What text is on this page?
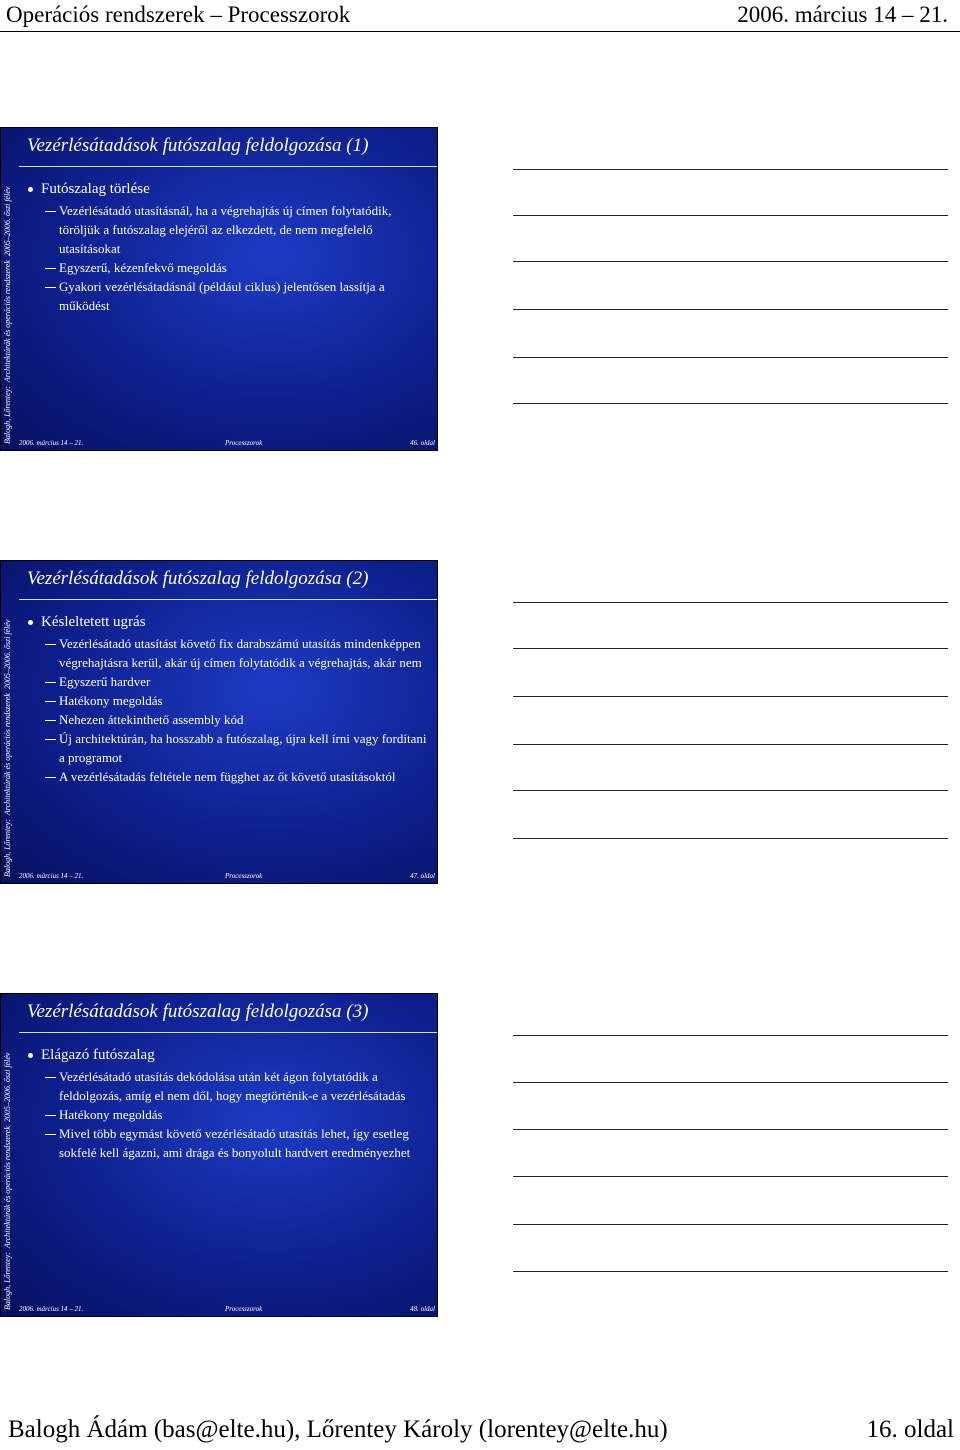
Operációs rendszerek – Processzorok	2006. március 14 – 21.
Balogh, Lőrentey:Architektúrák és operációs rendszerek2005–2006. őszi félév
Vezérlésátadások futószalag feldolgozása (1)
Futószalag törlése
Vezérlésátadó utasításnál, ha a végrehajtás új címen folytatódik, töröljük a futószalag elejéről az elkezdett, de nem megfelelő utasításokat
Egyszerű, kézenfekvő megoldás
Gyakori vezérlésátadásnál (például ciklus) jelentősen lassítja a működést
2006. március 14 – 21.	Processzorok	46. oldal
Balogh, Lőrentey:Architektúrák és operációs rendszerek2005–2006. őszi félév
Vezérlésátadások futószalag feldolgozása (2)
Késleltetett ugrás
Vezérlésátadó utasítást követő fix darabszámú utasítás mindenképpen végrehajtásra kerül, akár új címen folytatódik a végrehajtás, akár nem
Egyszerű hardver
Hatékony megoldás
Nehezen áttekinthető assembly kód
Új architektúrán, ha hosszabb a futószalag, újra kell írni vagy fordítani a programot
A vezérlésátadás feltétele nem függhet az őt követő utasításoktól
2006. március 14 – 21.	Processzorok	47. oldal
Balogh, Lőrentey:Architektúrák és operációs rendszerek2005–2006. őszi félév
Vezérlésátadások futószalag feldolgozása (3)
Elágazó futószalag
Vezérlésátadó utasítás dekódolása után két ágon folytatódik a feldolgozás, amíg el nem dől, hogy megtörténik-e a vezérlésátadás
Hatékony megoldás
Mivel több egymást követő vezérlésátadó utasítás lehet, így esetleg sokfelé kell ágazni, ami drága és bonyolult hardvert eredményezhet
2006. március 14 – 21.	Processzorok	48. oldal
Balogh Ádám (bas@elte.hu), Lőrentey Károly (lorentey@elte.hu)	16. oldal
